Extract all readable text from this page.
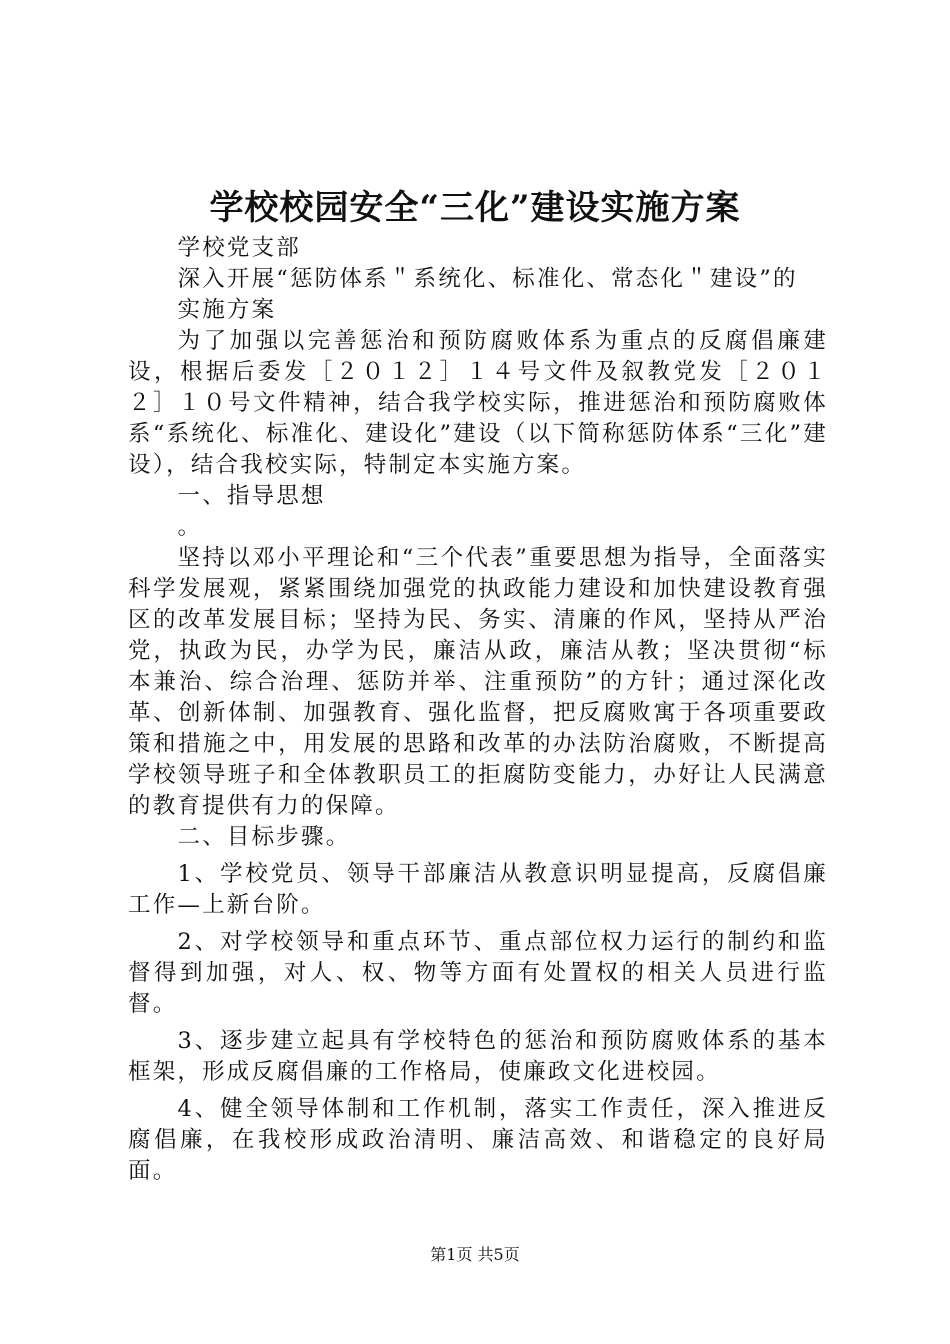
学校校园安全“三化”建设实施方案

学校党支部

深入开展“惩防体系＂系统化、标准化、常态化＂建设”的

实施方案

为了加强以完善惩治和预防腐败体系为重点的反腐倡廉建设，根据后委发［２０１２］１４号文件及叙教党发［２０１２］１０号文件精神，结合我学校实际，推进惩治和预防腐败体系“系统化、标准化、建设化”建设（以下简称惩防体系“三化”建设），结合我校实际，特制定本实施方案。

一、指导思想

。

坚持以邓小平理论和“三个代表”重要思想为指导，全面落实科学发展观，紧紧围绕加强党的执政能力建设和加快建设教育强区的改革发展目标；坚持为民、务实、清廉的作风，坚持从严治党，执政为民，办学为民，廉洁从政，廉洁从教；坚决贯彻“标本兼治、综合治理、惩防并举、注重预防”的方针；通过深化改革、创新体制、加强教育、强化监督，把反腐败寓于各项重要政策和措施之中，用发展的思路和改革的办法防治腐败，不断提高学校领导班子和全体教职员工的拒腐防变能力，办好让人民满意的教育提供有力的保障。

二、目标步骤。

1、学校党员、领导干部廉洁从教意识明显提高，反腐倡廉工作—上新台阶。

2、对学校领导和重点环节、重点部位权力运行的制约和监督得到加强，对人、权、物等方面有处置权的相关人员进行监督。

3、逐步建立起具有学校特色的惩治和预防腐败体系的基本框架，形成反腐倡廉的工作格局，使廉政文化进校园。

4、健全领导体制和工作机制，落实工作责任，深入推进反腐倡廉，在我校形成政治清明、廉洁高效、和谐稳定的良好局面。

第1页 共5页
